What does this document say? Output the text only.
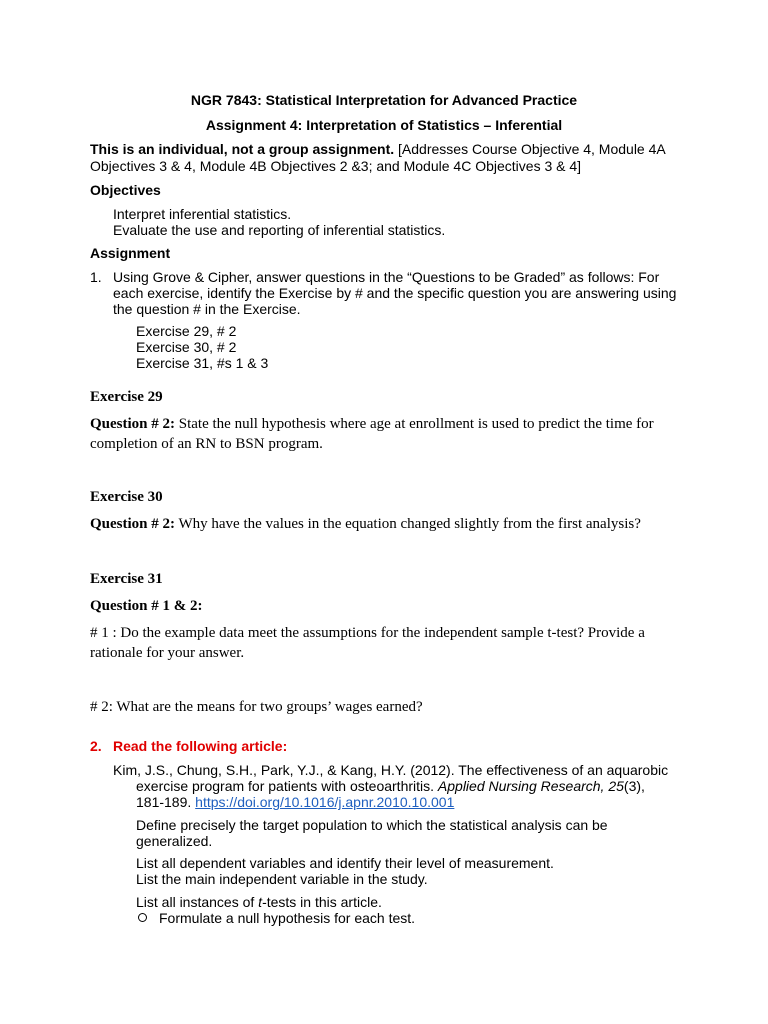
NGR 7843: Statistical Interpretation for Advanced Practice
Assignment 4: Interpretation of Statistics – Inferential
This is an individual, not a group assignment. [Addresses Course Objective 4, Module 4A
Objectives 3 & 4, Module 4B Objectives 2 &3; and Module 4C Objectives 3 & 4]
Objectives
Interpret inferential statistics.
Evaluate the use and reporting of inferential statistics.
Assignment
1. Using Grove & Cipher, answer questions in the “Questions to be Graded” as follows: For
each exercise, identify the Exercise by # and the specific question you are answering using
the question # in the Exercise.
Exercise 29, # 2
Exercise 30, # 2
Exercise 31, #s 1 & 3
Exercise 29
Question # 2: State the null hypothesis where age at enrollment is used to predict the time for
completion of an RN to BSN program.
Exercise 30
Question # 2: Why have the values in the equation changed slightly from the first analysis?
Exercise 31
Question # 1 & 2:
# 1 : Do the example data meet the assumptions for the independent sample t-test? Provide a
rationale for your answer.
# 2: What are the means for two groups’ wages earned?
2. Read the following article:
Kim, J.S., Chung, S.H., Park, Y.J., & Kang, H.Y. (2012). The effectiveness of an aquarobic
exercise program for patients with osteoarthritis. Applied Nursing Research, 25(3),
181-189. https://doi.org/10.1016/j.apnr.2010.10.001
Define precisely the target population to which the statistical analysis can be
generalized.
List all dependent variables and identify their level of measurement.
List the main independent variable in the study.
List all instances of t-tests in this article.
Formulate a null hypothesis for each test.
